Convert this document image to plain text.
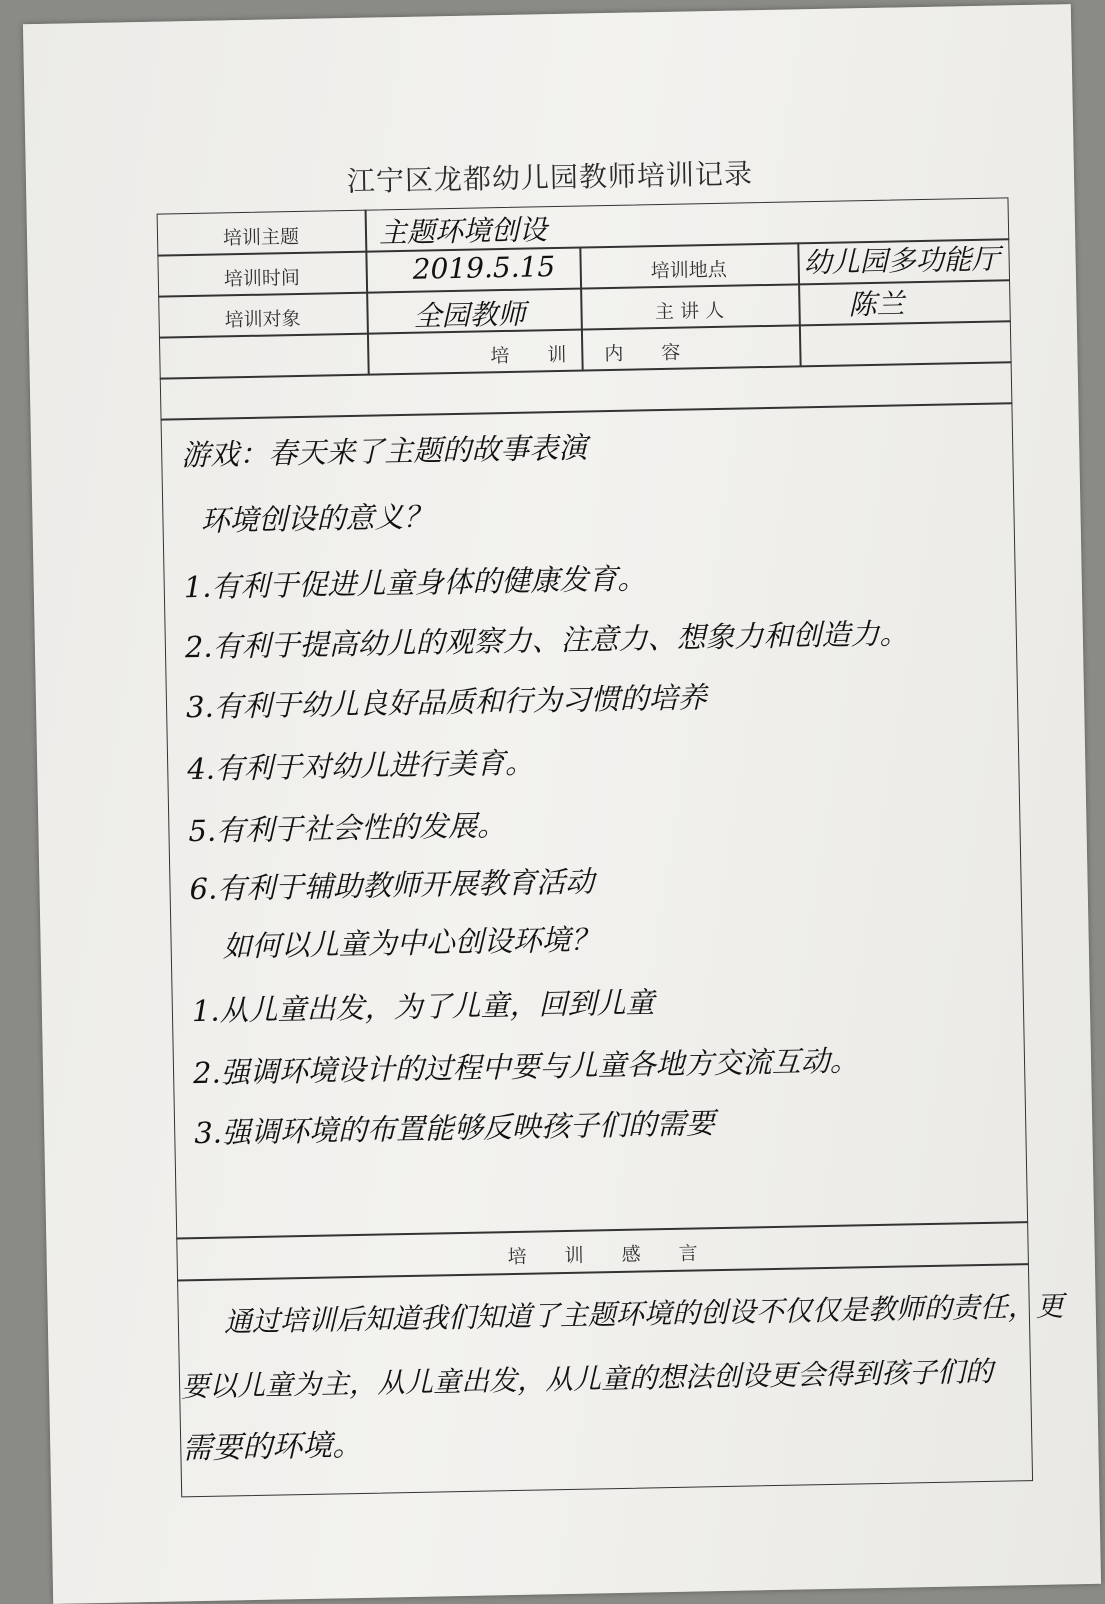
江宁区龙都幼儿园教师培训记录
培训主题
培训时间
培训对象
培训地点
主 讲 人
培训内容
培训感言
主题环境创设
2019.5.15
全园教师
幼儿园多功能厅
陈兰
游戏：春天来了主题的故事表演
环境创设的意义？
1.有利于促进儿童身体的健康发育。
2.有利于提高幼儿的观察力、注意力、想象力和创造力。
3.有利于幼儿良好品质和行为习惯的培养
4.有利于对幼儿进行美育。
5.有利于社会性的发展。
6.有利于辅助教师开展教育活动
如何以儿童为中心创设环境？
1.从儿童出发，为了儿童，回到儿童
2.强调环境设计的过程中要与儿童各地方交流互动。
3.强调环境的布置能够反映孩子们的需要
通过培训后知道我们知道了主题环境的创设不仅仅是教师的责任，更
要以儿童为主，从儿童出发，从儿童的想法创设更会得到孩子们的
需要的环境。
